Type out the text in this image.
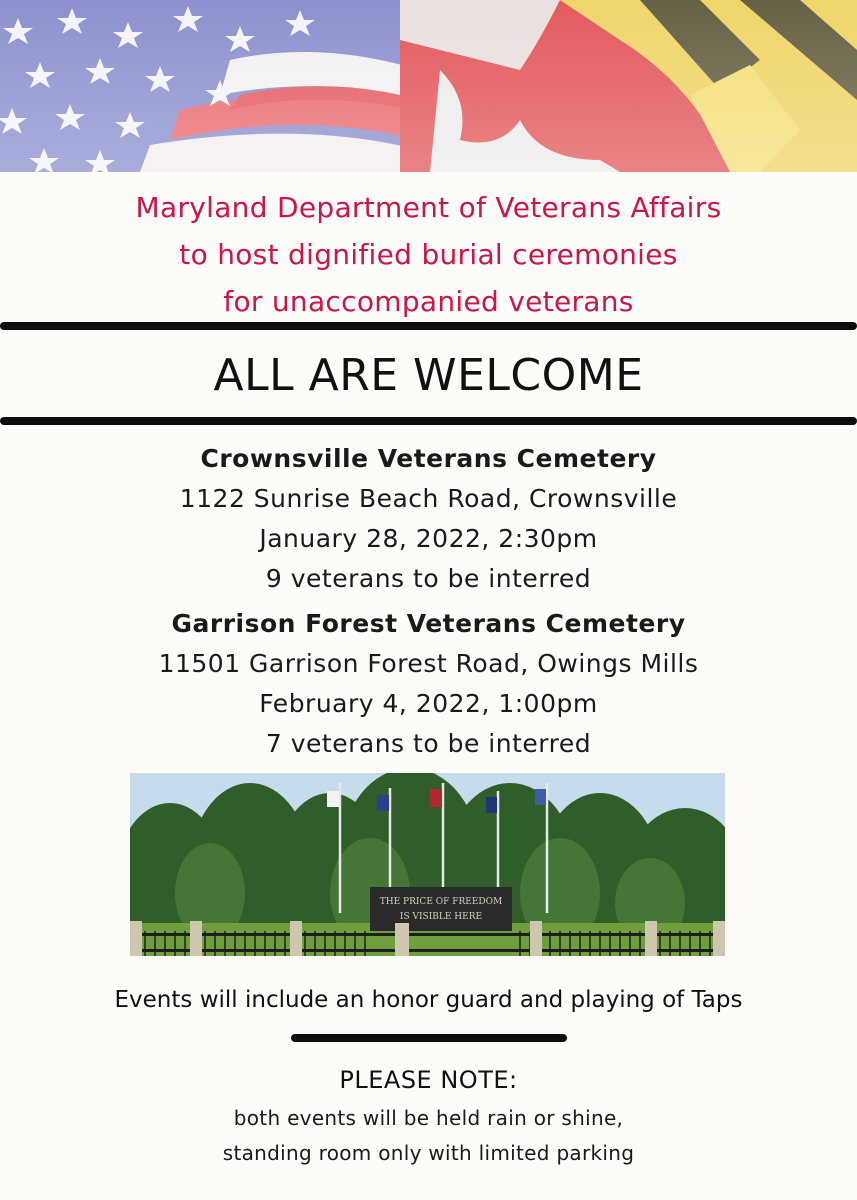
Maryland Department of Veterans Affairs
to host dignified burial ceremonies
for unaccompanied veterans
ALL ARE WELCOME
Crownsville Veterans Cemetery
1122 Sunrise Beach Road, Crownsville
January 28, 2022, 2:30pm
9 veterans to be interred
Garrison Forest Veterans Cemetery
11501 Garrison Forest Road, Owings Mills
February 4, 2022, 1:00pm
7 veterans to be interred
THE PRICE OF FREEDOM
IS VISIBLE HERE
Events will include an honor guard and playing of Taps
PLEASE NOTE:
both events will be held rain or shine,
standing room only with limited parking
